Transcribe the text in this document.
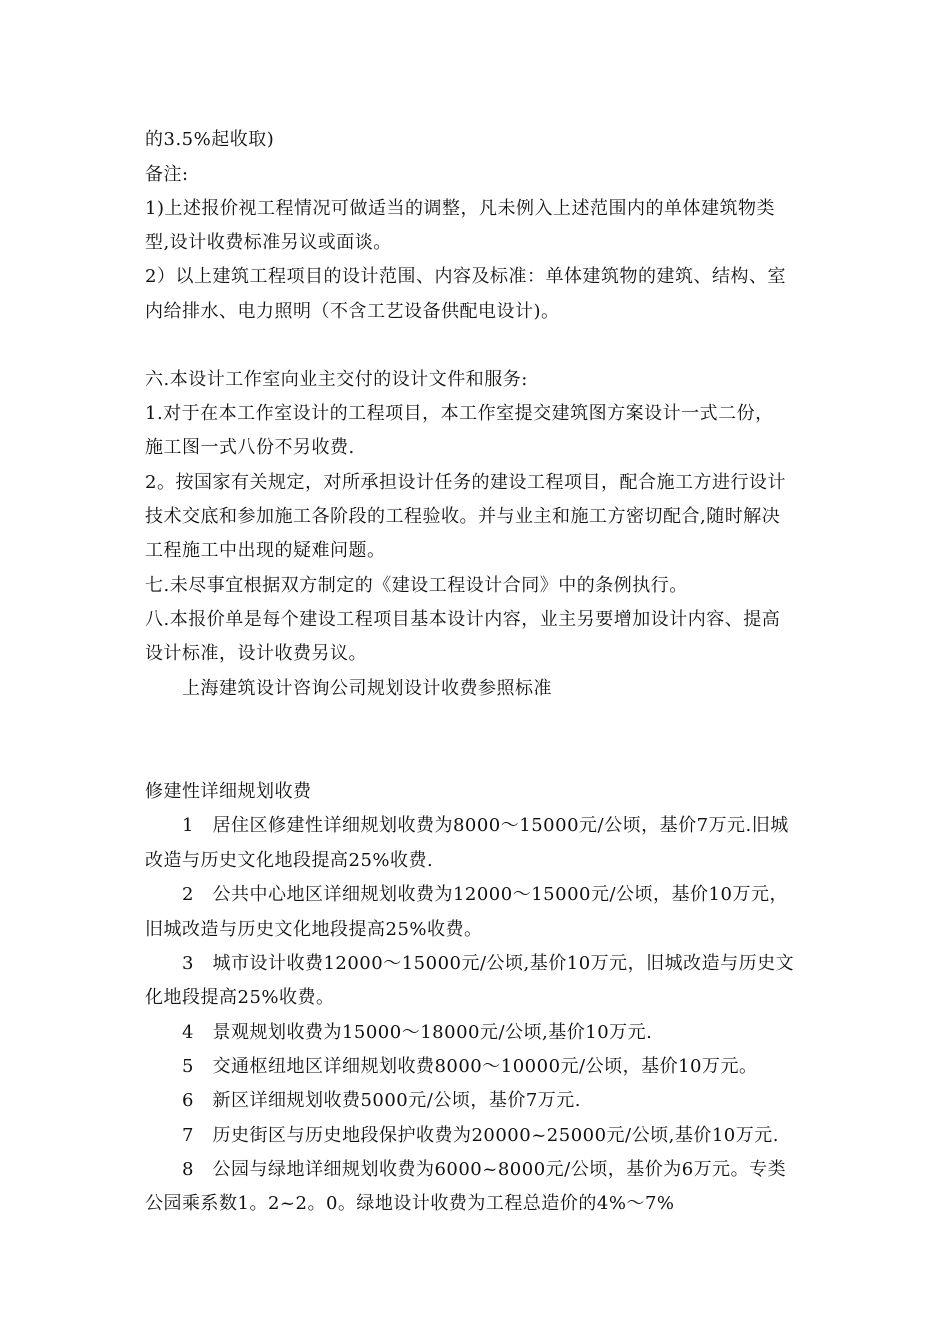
的3.5%起收取)
备注:
1)上述报价视工程情况可做适当的调整，凡未例入上述范围内的单体建筑物类
型,设计收费标准另议或面谈。
2）以上建筑工程项目的设计范围、内容及标准：单体建筑物的建筑、结构、室
内给排水、电力照明（不含工艺设备供配电设计)。
六.本设计工作室向业主交付的设计文件和服务:
1.对于在本工作室设计的工程项目，本工作室提交建筑图方案设计一式二份，
施工图一式八份不另收费.
2。按国家有关规定，对所承担设计任务的建设工程项目，配合施工方进行设计
技术交底和参加施工各阶段的工程验收。并与业主和施工方密切配合,随时解决
工程施工中出现的疑难问题。
七.未尽事宜根据双方制定的《建设工程设计合同》中的条例执行。
八.本报价单是每个建设工程项目基本设计内容，业主另要增加设计内容、提高
设计标准，设计收费另议。
上海建筑设计咨询公司规划设计收费参照标准
修建性详细规划收费
1　居住区修建性详细规划收费为8000～15000元/公顷，基价7万元.旧城
改造与历史文化地段提高25%收费.
2　公共中心地区详细规划收费为12000～15000元/公顷，基价10万元，
旧城改造与历史文化地段提高25%收费。
3　城市设计收费12000～15000元/公顷,基价10万元，旧城改造与历史文
化地段提高25%收费。
4　景观规划收费为15000～18000元/公顷,基价10万元.
5　交通枢纽地区详细规划收费8000～10000元/公顷，基价10万元。
6　新区详细规划收费5000元/公顷，基价7万元.
7　历史街区与历史地段保护收费为20000~25000元/公顷,基价10万元.
8　公园与绿地详细规划收费为6000~8000元/公顷，基价为6万元。专类
公园乘系数1。2~2。0。绿地设计收费为工程总造价的4%～7%
